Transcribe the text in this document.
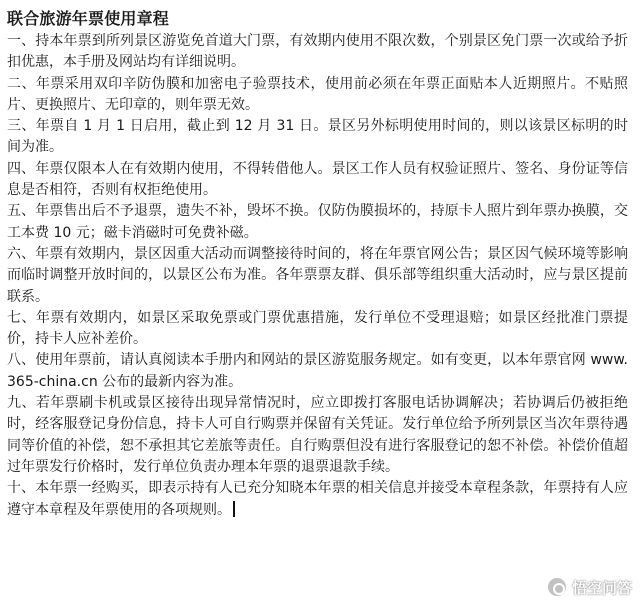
联合旅游年票使用章程

一、持本年票到所列景区游览免首道大门票，有效期内使用不限次数，个别景区免门票一次或给予折扣优惠，本手册及网站均有详细说明。

二、年票采用双印辛防伪膜和加密电子验票技术，使用前必须在年票正面贴本人近期照片。不贴照片、更换照片、无印章的，则年票无效。

三、年票自 1 月 1 日启用，截止到 12 月 31 日。景区另外标明使用时间的，则以该景区标明的时间为准。

四、年票仅限本人在有效期内使用，不得转借他人。景区工作人员有权验证照片、签名、身份证等信息是否相符，否则有权拒绝使用。

五、年票售出后不予退票，遗失不补，毁坏不换。仅防伪膜损坏的，持原卡人照片到年票办换膜，交工本费 10 元；磁卡消磁时可免费补磁。

六、年票有效期内，景区因重大活动而调整接待时间的，将在年票官网公告；景区因气候环境等影响而临时调整开放时间的，以景区公布为准。各年票票友群、俱乐部等组织重大活动时，应与景区提前联系。

七、年票有效期内，如景区采取免票或门票优惠措施，发行单位不受理退赔；如景区经批准门票提价，持卡人应补差价。

八、使用年票前，请认真阅读本手册内和网站的景区游览服务规定。如有变更，以本年票官网 www.365-china.cn 公布的最新内容为准。

九、若年票刷卡机或景区接待出现异常情况时，应立即拨打客服电话协调解决；若协调后仍被拒绝时，经客服登记身份信息，持卡人可自行购票并保留有关凭证。发行单位给予所列景区当次年票待遇同等价值的补偿，恕不承担其它差旅等责任。自行购票但没有进行客服登记的恕不补偿。补偿价值超过年票发行价格时，发行单位负责办理本年票的退票退款手续。

十、本年票一经购买，即表示持有人已充分知晓本年票的相关信息并接受本章程条款，年票持有人应遵守本章程及年票使用的各项规则。

悟空问答
